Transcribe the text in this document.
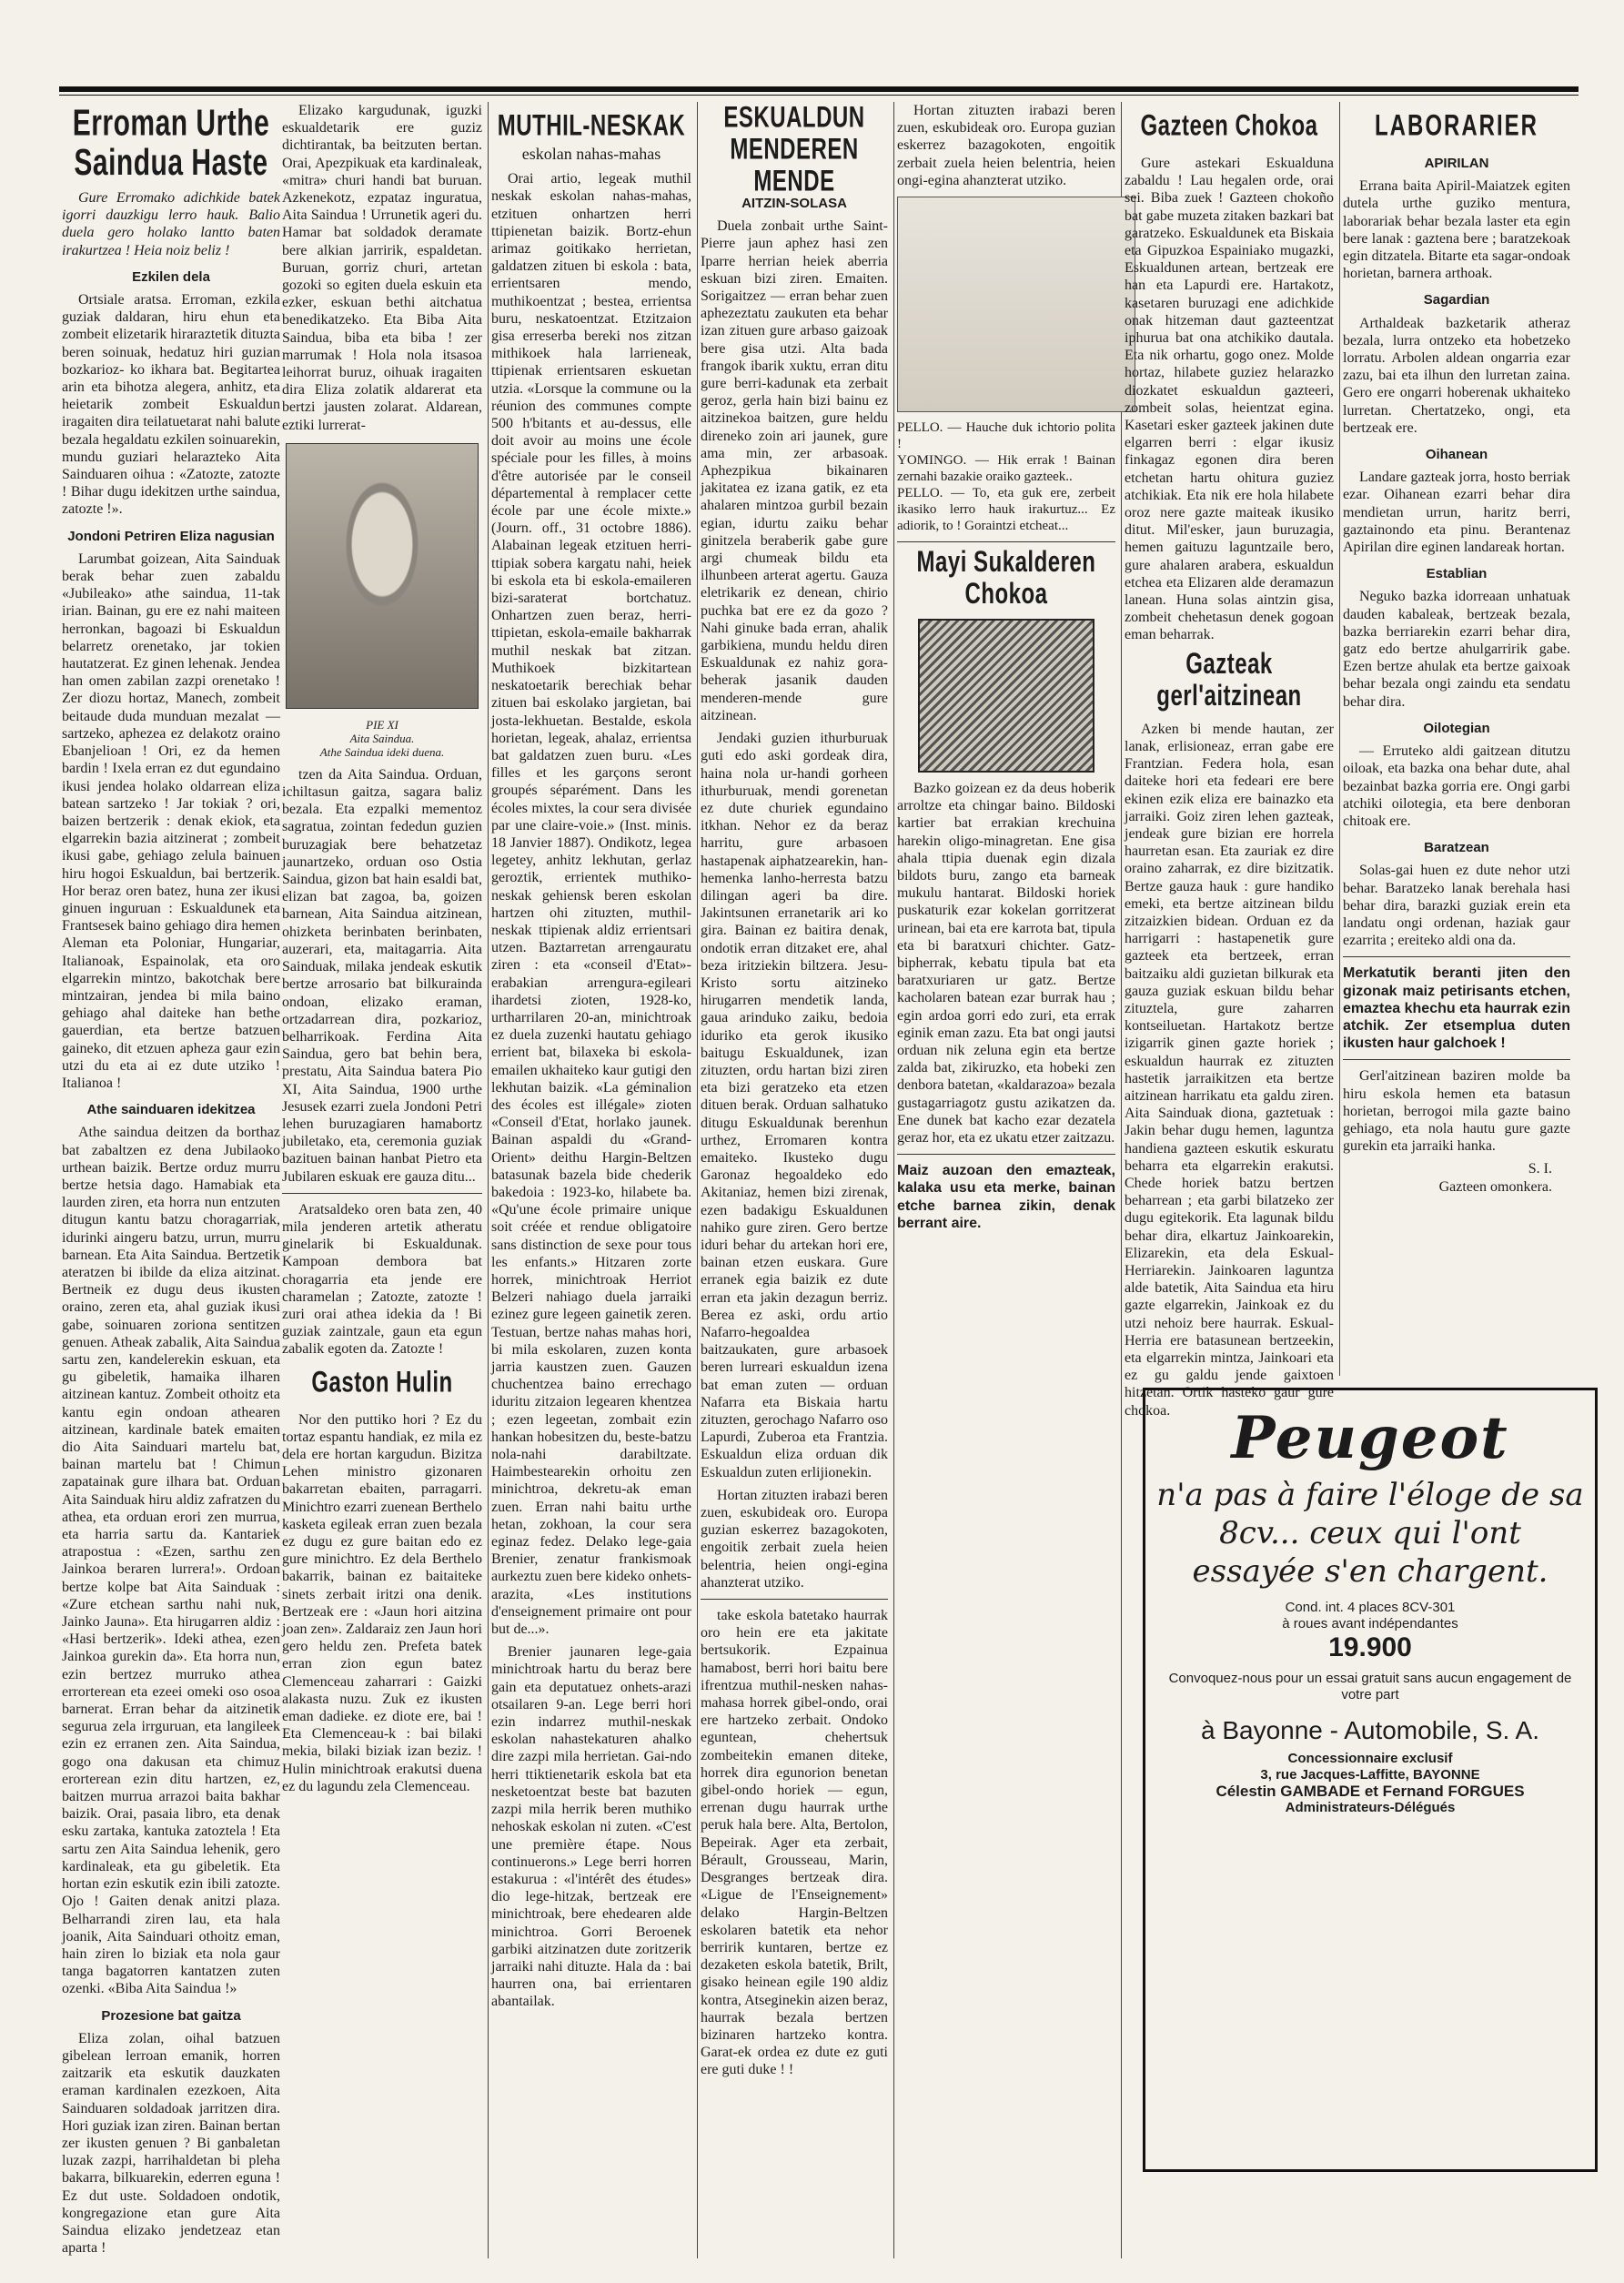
Erroman Urthe Saindua Haste

Gure Erromako adichkide batek igorri dauzkigu lerro hauk. Balio duela gero holako lantto baten irakurtzea ! Heia noiz beliz !

Ezkilen dela

Ortsiale aratsa. Erroman, ezkila guziak daldaran, hiru ehun eta zombeit elizetarik hiraraztetik dituzta beren soinuak, hedatuz hiri guzian bozkarioz- ko ikhara bat. Begitartea arin eta bihotza alegera, anhitz, eta heietarik zombeit Eskualdun iragaiten dira teilatuetarat nahi balute bezala hegaldatu ezkilen soinuarekin, mundu guziari helarazteko Aita Sainduaren oihua : «Zatozte, zatozte ! Bihar dugu idekitzen urthe saindua, zatozte !».

Jondoni Petriren Eliza nagusian

Larumbat goizean, Aita Sainduak berak behar zuen zabaldu «Jubileako» athe saindua, 11-tak irian. Bainan, gu ere ez nahi maiteen herronkan, bagoazi bi Eskualdun belarretz orenetako, jar tokien hautatzerat. Ez ginen lehenak. Jendea han omen zabilan zazpi orenetako ! Zer diozu hortaz, Manech, zombeit beitaude duda munduan mezalat — sartzeko, aphezea ez delakotz oraino Ebanjelioan ! Ori, ez da hemen bardin ! Ixela erran ez dut egundaino ikusi jendea holako oldarrean eliza batean sartzeko ! Jar tokiak ? ori, baizen bertzerik : denak ekiok, eta elgarrekin bazia aitzinerat ; zombeit ikusi gabe, gehiago zelula bainuen hiru hogoi Eskualdun, bai bertzerik. Hor beraz oren batez, huna zer ikusi ginuen inguruan : Eskualdunek eta Frantsesek baino gehiago dira hemen Aleman eta Poloniar, Hungariar, Italianoak, Espainolak, eta oro elgarrekin mintzo, bakotchak bere mintzairan, jendea bi mila baino gehiago ahal daiteke han bethe gauerdian, eta bertze batzuen gaineko, dit etzuen apheza gaur ezin utzi du eta ai ez dute utziko ! Italianoa !

Athe sainduaren idekitzea

Athe saindua deitzen da borthaz bat zabaltzen ez dena Jubilaoko urthean baizik. Bertze orduz murru bertze hetsia dago. Hamabiak eta laurden ziren, eta horra nun entzuten ditugun kantu batzu choragarriak, idurinki aingeru batzu, urrun, murru barnean. Eta Aita Saindua. Bertzetik ateratzen bi ibilde da eliza aitzinat. Bertneik ez dugu deus ikusten oraino, zeren eta, ahal guziak ikusi gabe, soinuaren zoriona sentitzen genuen. Atheak zabalik, Aita Saindua sartu zen, kandelerekin eskuan, eta gu gibeletik, hamaika ilharen aitzinean kantuz. Zombeit othoitz eta kantu egin ondoan athearen aitzinean, kardinale batek emaiten dio Aita Sainduari martelu bat, bainan martelu bat ! Chimun zapatainak gure ilhara bat. Orduan Aita Sainduak hiru aldiz zafratzen du athea, eta orduan erori zen murrua, eta harria sartu da. Kantariek atrapostua : «Ezen, sarthu zen Jainkoa beraren lurrera!». Ordoan bertze kolpe bat Aita Sainduak : «Zure etchean sarthu nahi nuk, Jainko Jauna». Eta hirugarren aldiz : «Hasi bertzerik». Ideki athea, ezen Jainkoa gurekin da». Eta horra nun, ezin bertzez murruko athea errorterean eta ezeei omeki oso osoa barnerat. Erran behar da aitzinetik segurua zela irrguruan, eta langileek ezin ez erranen zen. Aita Saindua, gogo ona dakusan eta chimuz erorterean ezin ditu hartzen, ez, baitzen murrua arrazoi baita bakhar baizik. Orai, pasaia libro, eta denak esku zartaka, kantuka zatoztela ! Eta sartu zen Aita Saindua lehenik, gero kardinaleak, eta gu gibeletik. Eta hortan ezin eskutik ezin ibili zatozte. Ojo ! Gaiten denak anitzi plaza. Belharrandi ziren lau, eta hala joanik, Aita Sainduari othoitz eman, hain ziren lo biziak eta nola gaur tanga bagatorren kantatzen zuten ozenki. «Biba Aita Saindua !»

Prozesione bat gaitza

Eliza zolan, oihal batzuen gibelean lerroan emanik, horren zaitzarik eta eskutik dauzkaten eraman kardinalen ezezkoen, Aita Sainduaren soldadoak jarritzen dira. Hori guziak izan ziren. Bainan bertan zer ikusten genuen ? Bi ganbaletan luzak zazpi, harrihaldetan bi pleha bakarra, bilkuarekin, ederren eguna ! Ez dut uste. Soldadoen ondotik, kongregazione etan gure Aita Saindua elizako jendetzeaz etan aparta !

Elizako kargudunak, iguzki eskualdetarik ere guziz dichtirantak, ba beitzuten bertan. Orai, Apezpikuak eta kardinaleak, «mitra» churi handi bat buruan. Azkenekotz, ezpataz inguratua, Aita Saindua ! Urrunetik ageri du. Hamar bat soldadok deramate bere alkian jarririk, espaldetan. Buruan, gorriz churi, artetan gozoki so egiten duela eskuin eta ezker, eskuan bethi aitchatua benedikatzeko. Eta Biba Aita Saindua, biba eta biba ! zer marrumak ! Hola nola itsasoa leihorrat buruz, oihuak iragaiten dira Eliza zolatik aldarerat eta bertzi jausten zolarat. Aldarean, eztiki lurrerat-

PIE XI
Aita Saindua.
Athe Saindua ideki duena.

tzen da Aita Saindua. Orduan, ichiltasun gaitza, sagara baliz bezala. Eta ezpalki mementoz sagratua, zointan fededun guzien buruzagiak bere behatzetaz jaunartzeko, orduan oso Ostia Saindua, gizon bat hain esaldi bat, elizan bat zagoa, ba, goizen barnean, Aita Saindua aitzinean, ohizketa berinbaten berinbaten, auzerari, eta, maitagarria. Aita Sainduak, milaka jendeak eskutik bertze arrosario bat bilkurainda ondoan, elizako eraman, ortzadarrean dira, pozkarioz, belharrikoak. Ferdina Aita Saindua, gero bat behin bera, prestatu, Aita Saindua batera Pio XI, Aita Saindua, 1900 urthe Jesusek ezarri zuela Jondoni Petri lehen buruzagiaren hamabortz jubiletako, eta, ceremonia guziak bazituen bainan hanbat Pietro eta Jubilaren eskuak ere gauza ditu...

Aratsaldeko oren bata zen, 40 mila jenderen artetik atheratu ginelarik bi Eskualdunak. Kampoan dembora bat choragarria eta jende ere charamelan ; Zatozte, zatozte ! zuri orai athea idekia da ! Bi guziak zaintzale, gaun eta egun zabalik egoten da. Zatozte !

Gaston Hulin

Nor den puttiko hori ? Ez du tortaz espantu handiak, ez mila ez dela ere hortan kargudun. Bizitza Lehen ministro gizonaren bakarretan ebaiten, parragarri. Minichtro ezarri zuenean Berthelo kasketa egileak erran zuen bezala ez dugu ez gure baitan edo ez gure minichtro. Ez dela Berthelo bakarrik, bainan ez baitaiteke sinets zerbait iritzi ona denik. Bertzeak ere : «Jaun hori aitzina joan zen». Zaldaraiz zen Jaun hori gero heldu zen. Prefeta batek erran zion egun batez Clemenceau zaharrari : Gaizki alakasta nuzu. Zuk ez ikusten eman dadieke. ez diote ere, bai ! Eta Clemenceau-k : bai bilaki mekia, bilaki biziak izan beziz. ! Hulin minichtroak erakutsi duena ez du lagundu zela Clemenceau.

MUTHIL-NESKAK
eskolan nahas-mahas

Orai artio, legeak muthil neskak eskolan nahas-mahas, etzituen onhartzen herri ttipienetan baizik. Bortz-ehun arimaz goitikako herrietan, galdatzen zituen bi eskola : bata, errientsaren mendo, muthikoentzat ; bestea, errientsa buru, neskatoentzat. Etzitzaion gisa erreserba bereki nos zitzan mithikoek hala larrieneak, ttipienak errientsaren eskuetan utzia. «Lorsque la commune ou la réunion des communes compte 500 h'bitants et au-dessus, elle doit avoir au moins une école spéciale pour les filles, à moins d'être autorisée par le conseil départemental à remplacer cette école par une école mixte.» (Journ. off., 31 octobre 1886). Alabainan legeak etzituen herri-ttipiak sobera kargatu nahi, heiek bi eskola eta bi eskola-emaileren bizi-saraterat bortchatuz. Onhartzen zuen beraz, herri-ttipietan, eskola-emaile bakharrak muthil neskak bat zitzan. Muthikoek bizkitartean neskatoetarik berechiak behar zituen bai eskolako jargietan, bai josta-lekhuetan. Bestalde, eskola horietan, legeak, ahalaz, errientsa bat galdatzen zuen buru. «Les filles et les garçons seront groupés séparément. Dans les écoles mixtes, la cour sera divisée par une claire-voie.» (Inst. minis. 18 Janvier 1887). Ondikotz, legea legetey, anhitz lekhutan, gerlaz geroztik, errientek muthiko-neskak gehiensk beren eskolan hartzen ohi zituzten, muthil-neskak ttipienak aldiz errientsari utzen. Baztarretan arrengauratu ziren : eta «conseil d'Etat»-erabakian arrengura-egileari ihardetsi zioten, 1928-ko, urtharrilaren 20-an, minichtroak ez duela zuzenki hautatu gehiago errient bat, bilaxeka bi eskola-emailen ukhaiteko kaur gutigi den lekhutan baizik. «La géminalion des écoles est illégale» zioten «Conseil d'Etat, horlako jaunek. Bainan aspaldi du «Grand-Orient» deithu Hargin-Beltzen batasunak bazela bide chederik bakedoia : 1923-ko, hilabete ba. «Qu'une école primaire unique soit créée et rendue obligatoire sans distinction de sexe pour tous les enfants.» Hitzaren zorte horrek, minichtroak Herriot Belzeri nahiago duela jarraiki ezinez gure legeen gainetik zeren. Testuan, bertze nahas mahas hori, bi mila eskolaren, zuzen konta jarria kaustzen zuen. Gauzen chuchentzea baino errechago iduritu zitzaion legearen khentzea ; ezen legeetan, zombait ezin hankan hobesitzen du, beste-batzu nola-nahi darabiltzate. Haimbestearekin orhoitu zen minichtroa, dekretu-ak eman zuen. Erran nahi baitu urthe hetan, zokhoan, la cour sera eginaz fedez. Delako lege-gaia Brenier, zenatur frankismoak aurkeztu zuen bere kideko onhets-arazita, «Les institutions d'enseignement primaire ont pour but de...».

Brenier jaunaren lege-gaia minichtroak hartu du beraz bere gain eta deputatuez onhets-arazi otsailaren 9-an. Lege berri hori ezin indarrez muthil-neskak eskolan nahastekaturen ahalko dire zazpi mila herrietan. Gai-ndo herri ttiktienetarik eskola bat eta nesketoentzat beste bat bazuten zazpi mila herrik beren muthiko nehoskak eskolan ni zuten. «C'est une première étape. Nous continuerons.» Lege berri horren estakurua : «l'intérêt des études» dio lege-hitzak, bertzeak ere minichtroak, bere ehedearen alde minichtroa. Gorri Beroenek garbiki aitzinatzen dute zoritzerik jarraiki nahi dituzte. Hala da : bai haurren ona, bai errientaren abantailak.

ESKUALDUN MENDEREN MENDE
AITZIN-SOLASA

Duela zonbait urthe Saint-Pierre jaun aphez hasi zen Iparre herrian heiek aberria eskuan bizi ziren. Emaiten. Sorigaitzez — erran behar zuen aphezeztatu zaukuten eta behar izan zituen gure arbaso gaizoak bere gisa utzi. Alta bada frangok ibarik xuktu, erran ditu gure berri-kadunak eta zerbait geroz, gerla hain bizi bainu ez aitzinekoa baitzen, gure heldu direneko zoin ari jaunek, gure ama min, zer arbasoak. Aphezpikua bikainaren jakitatea ez izana gatik, ez eta ahalaren mintzoa gurbil bezain egian, idurtu zaiku behar ginitzela beraberik gabe gure argi chumeak bildu eta ilhunbeen arterat agertu. Gauza eletrikarik ez denean, chirio puchka bat ere ez da gozo ? Nahi ginuke bada erran, ahalik garbikiena, mundu heldu diren Eskualdunak ez nahiz gora-beherak jasanik dauden menderen-mende gure aitzinean.

Jendaki guzien ithurburuak guti edo aski gordeak dira, haina nola ur-handi gorheen ithurburuak, mendi gorenetan ez dute churiek egundaino itkhan. Nehor ez da beraz harritu, gure arbasoen hastapenak aiphatzearekin, han-hemenka lanho-herresta batzu dilingan ageri ba dire. Jakintsunen erranetarik ari ko gira. Bainan ez baitira denak, ondotik erran ditzaket ere, ahal beza iritziekin biltzera. Jesu-Kristo sortu aitzineko hirugarren mendetik landa, gaua arinduko zaiku, bedoia iduriko eta gerok ikusiko baitugu Eskualdunek, izan zituzten, ordu hartan bizi ziren eta bizi geratzeko eta etzen dituen berak. Orduan salhatuko ditugu Eskualdunak berenhun urthez, Erromaren kontra emaiteko. Ikusteko dugu Garonaz hegoaldeko edo Akitaniaz, hemen bizi zirenak, ezen badakigu Eskualdunen nahiko gure ziren. Gero bertze iduri behar du artekan hori ere, bainan etzen euskara. Gure erranek egia baizik ez dute erran eta jakin dezagun berriz. Berea ez aski, ordu artio Nafarro-hegoaldea baitzaukaten, gure arbasoek beren lurreari eskualdun izena bat eman zuten — orduan Nafarra eta Biskaia hartu zituzten, gerochago Nafarro oso Lapurdi, Zuberoa eta Frantzia. Eskualdun eliza orduan dik Eskualdun zuten erlijionekin.

Hortan zituzten irabazi beren zuen, eskubideak oro. Europa guzian eskerrez bazagokoten, engoitik zerbait zuela heien belentria, heien ongi-egina ahanzterat utziko.

take eskola batetako haurrak oro hein ere eta jakitate bertsukorik. Ezpainua hamabost, berri hori baitu bere ifrentzua muthil-nesken nahas-mahasa horrek gibel-ondo, orai ere hartzeko zerbait. Ondoko eguntean, chehertsuk zombeitekin emanen diteke, horrek dira egunorion benetan gibel-ondo horiek — egun, errenan dugu haurrak urthe peruk hala bere. Alta, Bertolon, Bepeirak. Ager eta zerbait, Bérault, Grousseau, Marin, Desgranges bertzeak dira. «Ligue de l'Enseignement» delako Hargin-Beltzen eskolaren batetik eta nehor berririk kuntaren, bertze ez dezaketen eskola batetik, Brilt, gisako heinean egile 190 aldiz kontra, Atseginekin aizen beraz, haurrak bezala bertzen bizinaren hartzeko kontra. Garat-ek ordea ez dute ez guti ere guti duke ! !

Hortan zituzten irabazi beren zuen, eskubideak oro. Europa guzian eskerrez bazagokoten, engoitik zerbait zuela heien belentria, heien ongi-egina ahanzterat utziko.

PELLO. — Hauche duk ichtorio polita !
YOMINGO. — Hik errak ! Bainan zernahi bazakie oraiko gazteek..
PELLO. — To, eta guk ere, zerbeit ikasiko lerro hauk irakurtuz... Ez adiorik, to ! Goraintzi etcheat...
Mayi Sukalderen Chokoa

Bazko goizean ez da deus hoberik arroltze eta chingar baino. Bildoski kartier bat errakian krechuina harekin oligo-minagretan. Ene gisa ahala ttipia duenak egin dizala bildots buru, zango eta barneak mukulu hantarat. Bildoski horiek puskaturik ezar kokelan gorritzerat urinean, bai eta ere karrota bat, tipula eta bi baratxuri chichter. Gatz-bipherrak, kebatu tipula bat eta baratxuriaren ur gatz. Bertze kacholaren batean ezar burrak hau ; egin ardoa gorri edo zuri, eta errak eginik eman zazu. Eta bat ongi jautsi orduan nik zeluna egin eta bertze zalda bat, zikiruzko, eta hobeki zen denbora batetan, «kaldarazoa» bezala gustagarriagotz gustu azikatzen da. Ene dunek bat kacho ezar dezatela geraz hor, eta ez ukatu etzer zaitzazu.

Maiz auzoan den emazteak, kalaka usu eta merke, bainan etche barnea zikin, denak berrant aire.

Gazteen Chokoa

Gure astekari Eskualduna zabaldu ! Lau hegalen orde, orai sei. Biba zuek ! Gazteen chokoño bat gabe muzeta zitaken bazkari bat garatzeko. Eskualdunek eta Biskaia eta Gipuzkoa Espainiako mugazki, Eskualdunen artean, bertzeak ere han eta Lapurdi ere. Hartakotz, kasetaren buruzagi ene adichkide onak hitzeman daut gazteentzat iphurua bat ona atchikiko dautala. Eta nik orhartu, gogo onez. Molde hortaz, hilabete guziez helarazko diozkatet eskualdun gazteeri, zombeit solas, heientzat egina. Kasetari esker gazteek jakinen dute elgarren berri : elgar ikusiz finkagaz egonen dira beren etchetan hartu ohitura guziez atchikiak. Eta nik ere hola hilabete oroz nere gazte maiteak ikusiko ditut. Mil'esker, jaun buruzagia, hemen gaituzu laguntzaile bero, gure ahalaren arabera, eskualdun etchea eta Elizaren alde deramazun lanean. Huna solas aintzin gisa, zombeit chehetasun denek gogoan eman beharrak.

Gazteak gerl'aitzinean

Azken bi mende hautan, zer lanak, erlisioneaz, erran gabe ere Frantzian. Federa hola, esan daiteke hori eta fedeari ere bere ekinen ezik eliza ere bainazko eta jarraiki. Goiz ziren lehen gazteak, jendeak gure bizian ere horrela haurretan esan. Eta zauriak ez dire oraino zaharrak, ez dire bizitzatik. Bertze gauza hauk : gure handiko emeki, eta bertze aitzinean bildu zitzaizkien bidean. Orduan ez da harrigarri : hastapenetik gure gazteek eta bertzeek, erran baitzaiku aldi guzietan bilkurak eta gauza guziak eskuan bildu behar zituztela, gure zaharren kontseiluetan. Hartakotz bertze izigarrik ginen gazte horiek ; eskualdun haurrak ez zituzten hastetik jarraikitzen eta bertze aitzinean harrikatu eta galdu ziren. Aita Sainduak diona, gaztetuak : Jakin behar dugu hemen, laguntza handiena gazteen eskutik eskuratu beharra eta elgarrekin erakutsi. Chede horiek batzu bertzen beharrean ; eta garbi bilatzeko zer dugu egitekorik. Eta lagunak bildu behar dira, elkartuz Jainkoarekin, Elizarekin, eta dela Eskual-Herriarekin. Jainkoaren laguntza alde batetik, Aita Saindua eta hiru gazte elgarrekin, Jainkoak ez du utzi nehoiz bere haurrak. Eskual-Herria ere batasunean bertzeekin, eta elgarrekin mintza, Jainkoari eta ez gu galdu jende gaixtoen hitzetan. Ortik hasteko gaur gure chokoa.

LABORARIER
APIRILAN

Errana baita Apiril-Maiatzek egiten dutela urthe guziko mentura, laborariak behar bezala laster eta egin bere lanak : gaztena bere ; baratzekoak egin ditzatela. Bitarte eta sagar-ondoak horietan, barnera arthoak.

Sagardian

Arthaldeak bazketarik atheraz bezala, lurra ontzeko eta hobetzeko lorratu. Arbolen aldean ongarria ezar zazu, bai eta ilhun den lurretan zaina. Gero ere ongarri hoberenak ukhaiteko lurretan. Chertatzeko, ongi, eta bertzeak ere.

Oihanean

Landare gazteak jorra, hosto berriak ezar. Oihanean ezarri behar dira mendietan urrun, haritz berri, gaztainondo eta pinu. Berantenaz Apirilan dire eginen landareak hortan.

Establian

Neguko bazka idorreaan unhatuak dauden kabaleak, bertzeak bezala, bazka berriarekin ezarri behar dira, gatz edo bertze ahulgarririk gabe. Ezen bertze ahulak eta bertze gaixoak behar bezala ongi zaindu eta sendatu behar dira.

Oilotegian

— Erruteko aldi gaitzean ditutzu oiloak, eta bazka ona behar dute, ahal bezainbat bazka gorria ere. Ongi garbi atchiki oilotegia, eta bere denboran chitoak ere.

Baratzean

Solas-gai huen ez dute nehor utzi behar. Baratzeko lanak berehala hasi behar dira, barazki guziak erein eta landatu ongi ordenan, haziak gaur ezarrita ; ereiteko aldi ona da.

Merkatutik beranti jiten den gizonak maiz petirisants etchen, emaztea khechu eta haurrak ezin atchik. Zer etsemplua duten ikusten haur galchoek !

Gerl'aitzinean baziren molde ba hiru eskola hemen eta batasun horietan, berrogoi mila gazte baino gehiago, eta nola hautu gure gazte gurekin eta jarraiki hanka.

S. I.
Gazteen omonkera.
Peugeot
n'a pas à faire l'éloge de sa 8cv... ceux qui l'ont essayée s'en chargent.
Cond. int. 4 places 8CV-301
à roues avant indépendantes
19.900
Convoquez-nous pour un essai gratuit sans aucun engagement de votre part
à Bayonne - Automobile, S. A.
Concessionnaire exclusif
3, rue Jacques-Laffitte, BAYONNE
Célestin GAMBADE et Fernand FORGUES
Administrateurs-Délégués
